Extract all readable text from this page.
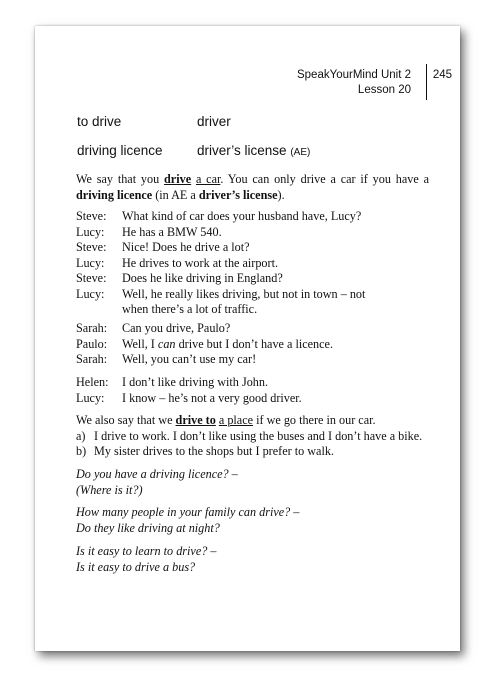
SpeakYourMind Unit 2
Lesson 20
245
to drive	driver
driving licence	driver’s license (AE)
We say that you drive a car. You can only drive a car if you have a driving licence (in AE a driver’s license).
Steve:	What kind of car does your husband have, Lucy?
Lucy:	He has a BMW 540.
Steve:	Nice! Does he drive a lot?
Lucy:	He drives to work at the airport.
Steve:	Does he like driving in England?
Lucy:	Well, he really likes driving, but not in town – not when there’s a lot of traffic.
Sarah:	Can you drive, Paulo?
Paulo:	Well, I can drive but I don’t have a licence.
Sarah:	Well, you can’t use my car!
Helen:	I don’t like driving with John.
Lucy:	I know – he’s not a very good driver.
We also say that we drive to a place if we go there in our car.
a) I drive to work. I don’t like using the buses and I don’t have a bike.
b) My sister drives to the shops but I prefer to walk.
Do you have a driving licence? –
(Where is it?)
How many people in your family can drive? –
Do they like driving at night?
Is it easy to learn to drive? –
Is it easy to drive a bus?
